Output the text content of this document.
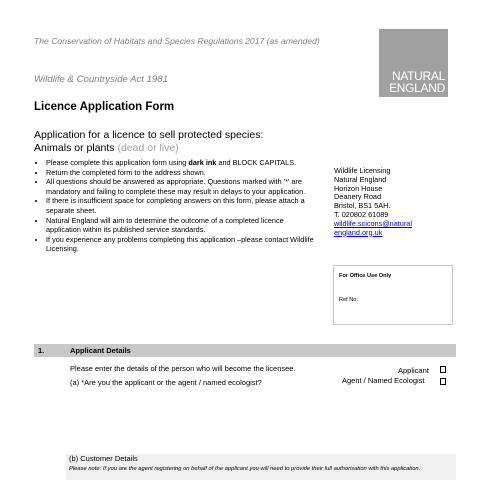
The Conservation of Habitats and Species Regulations 2017 (as amended)
Wildlife & Countryside Act 1981	NATURAL
ENGLAND
Licence Application Form
Application for a licence to sell protected species:
Animals or plants (dead or live)
• Please complete this application form using dark ink and BLOCK CAPITALS.
• Return the completed form to the address shown.
• All questions should be answered as appropriate. Questions marked with '*' are mandatory and failing to complete these may result in delays to your application.
• If there is insufficient space for completing answers on this form, please attach a separate sheet.
• Natural England will aim to determine the outcome of a completed licence application within its published service standards.
• If you experience any problems completing this application –please contact Wildlife Licensing.
Wildlife Licensing
Natural England
Horizon House
Deanery Road
Bristol, BS1 5AH.
T. 020802 61089
wildlife.scicons@natural
england.org.uk
For Office Use Only
Ref No:
1.	Applicant Details
Please enter the details of the person who will become the licensee.
(a) *Are you the applicant or the agent / named ecologist?
Applicant
Agent / Named Ecologist
(b) Customer Details
Please note: If you are the agent registering on behalf of the applicant you will need to provide their full authorisation with this application.
